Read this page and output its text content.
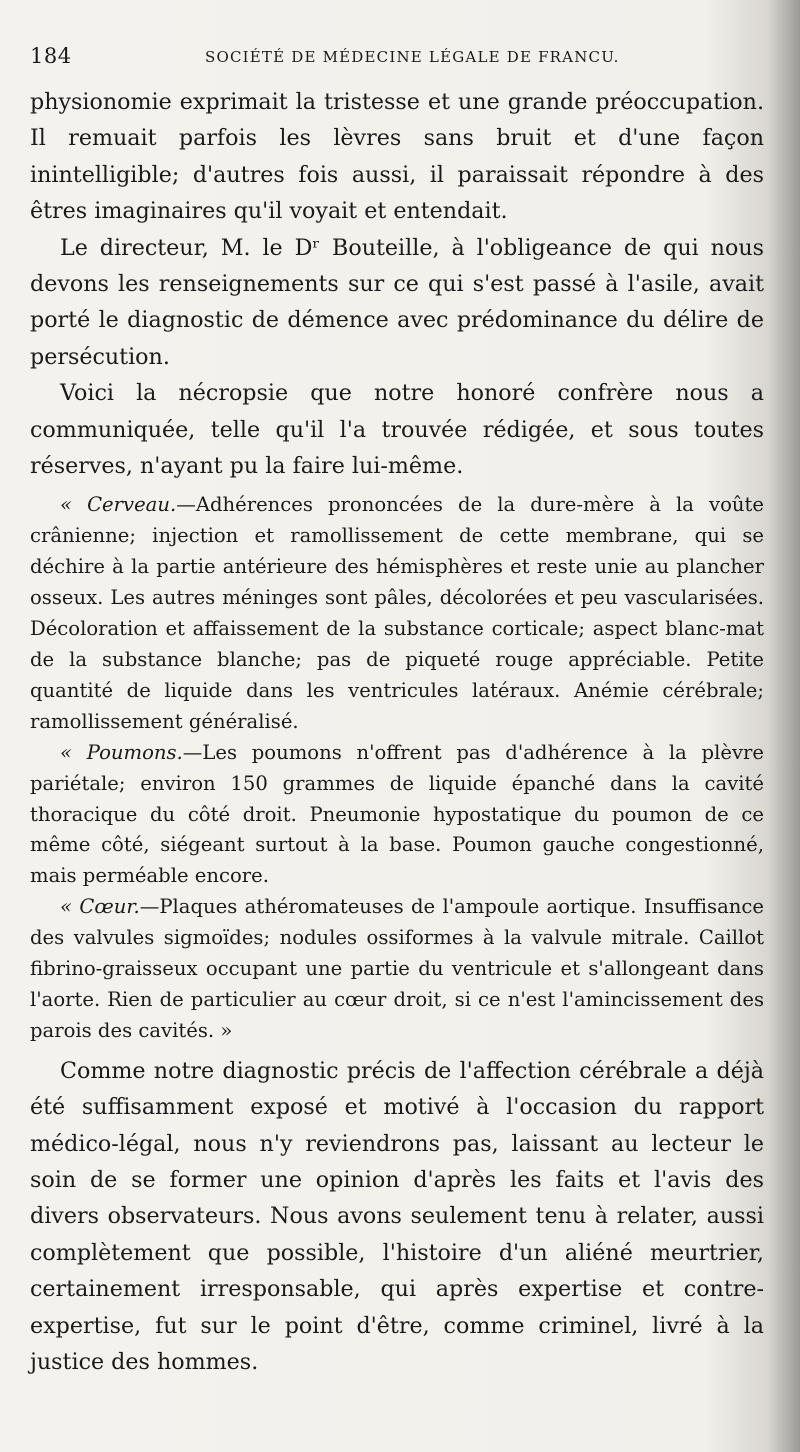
184	SOCIÉTÉ DE MÉDECINE LÉGALE DE FRANCU.

physionomie exprimait la tristesse et une grande préoccupation. Il remuait parfois les lèvres sans bruit et d'une façon inintelligible; d'autres fois aussi, il paraissait répondre à des êtres imaginaires qu'il voyait et entendait.

Le directeur, M. le Dʳ Bouteille, à l'obligeance de qui nous devons les renseignements sur ce qui s'est passé à l'asile, avait porté le diagnostic de démence avec prédominance du délire de persécution.

Voici la nécropsie que notre honoré confrère nous a communiquée, telle qu'il l'a trouvée rédigée, et sous toutes réserves, n'ayant pu la faire lui-même.

« Cerveau.—Adhérences prononcées de la dure-mère à la voûte crânienne; injection et ramollissement de cette membrane, qui se déchire à la partie antérieure des hémisphères et reste unie au plancher osseux. Les autres méninges sont pâles, décolorées et peu vascularisées. Décoloration et affaissement de la substance corticale; aspect blanc-mat de la substance blanche; pas de piqueté rouge appréciable. Petite quantité de liquide dans les ventricules latéraux. Anémie cérébrale; ramollissement généralisé.

« Poumons.—Les poumons n'offrent pas d'adhérence à la plèvre pariétale; environ 150 grammes de liquide épanché dans la cavité thoracique du côté droit. Pneumonie hypostatique du poumon de ce même côté, siégeant surtout à la base. Poumon gauche congestionné, mais perméable encore.

« Cœur.—Plaques athéromateuses de l'ampoule aortique. Insuffisance des valvules sigmoïdes; nodules ossiformes à la valvule mitrale. Caillot fibrino-graisseux occupant une partie du ventricule et s'allongeant dans l'aorte. Rien de particulier au cœur droit, si ce n'est l'amincissement des parois des cavités. »

Comme notre diagnostic précis de l'affection cérébrale a déjà été suffisamment exposé et motivé à l'occasion du rapport médico-légal, nous n'y reviendrons pas, laissant au lecteur le soin de se former une opinion d'après les faits et l'avis des divers observateurs. Nous avons seulement tenu à relater, aussi complètement que possible, l'histoire d'un aliéné meurtrier, certainement irresponsable, qui après expertise et contre-expertise, fut sur le point d'être, comme criminel, livré à la justice des hommes.
